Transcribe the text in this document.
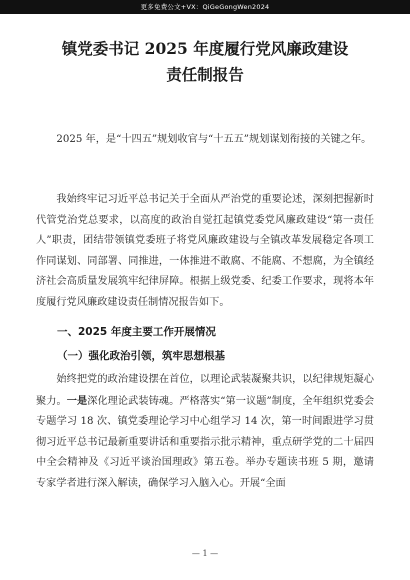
更多免费公文+VX：QiGeGongWen2024
镇党委书记 2025 年度履行党风廉政建设
责任制报告

2025 年，是“十四五”规划收官与“十五五”规划谋划衔接的关键之年。

我始终牢记习近平总书记关于全面从严治党的重要论述，深刻把握新时代管党治党总要求，以高度的政治自觉扛起镇党委党风廉政建设“第一责任人”职责，团结带领镇党委班子将党风廉政建设与全镇改革发展稳定各项工作同谋划、同部署、同推进，一体推进不敢腐、不能腐、不想腐，为全镇经济社会高质量发展筑牢纪律屏障。根据上级党委、纪委工作要求，现将本年度履行党风廉政建设责任制情况报告如下。

一、2025 年度主要工作开展情况
（一）强化政治引领，筑牢思想根基

始终把党的政治建设摆在首位，以理论武装凝聚共识，以纪律规矩凝心聚力。一是深化理论武装铸魂。严格落实“第一议题”制度，全年组织党委会专题学习 18 次、镇党委理论学习中心组学习 14 次，第一时间跟进学习贯彻习近平总书记最新重要讲话和重要指示批示精神，重点研学党的二十届四中全会精神及《习近平谈治国理政》第五卷。举办专题读书班 5 期，邀请专家学者进行深入解读，确保学习入脑入心。开展“全面

— 1 —
